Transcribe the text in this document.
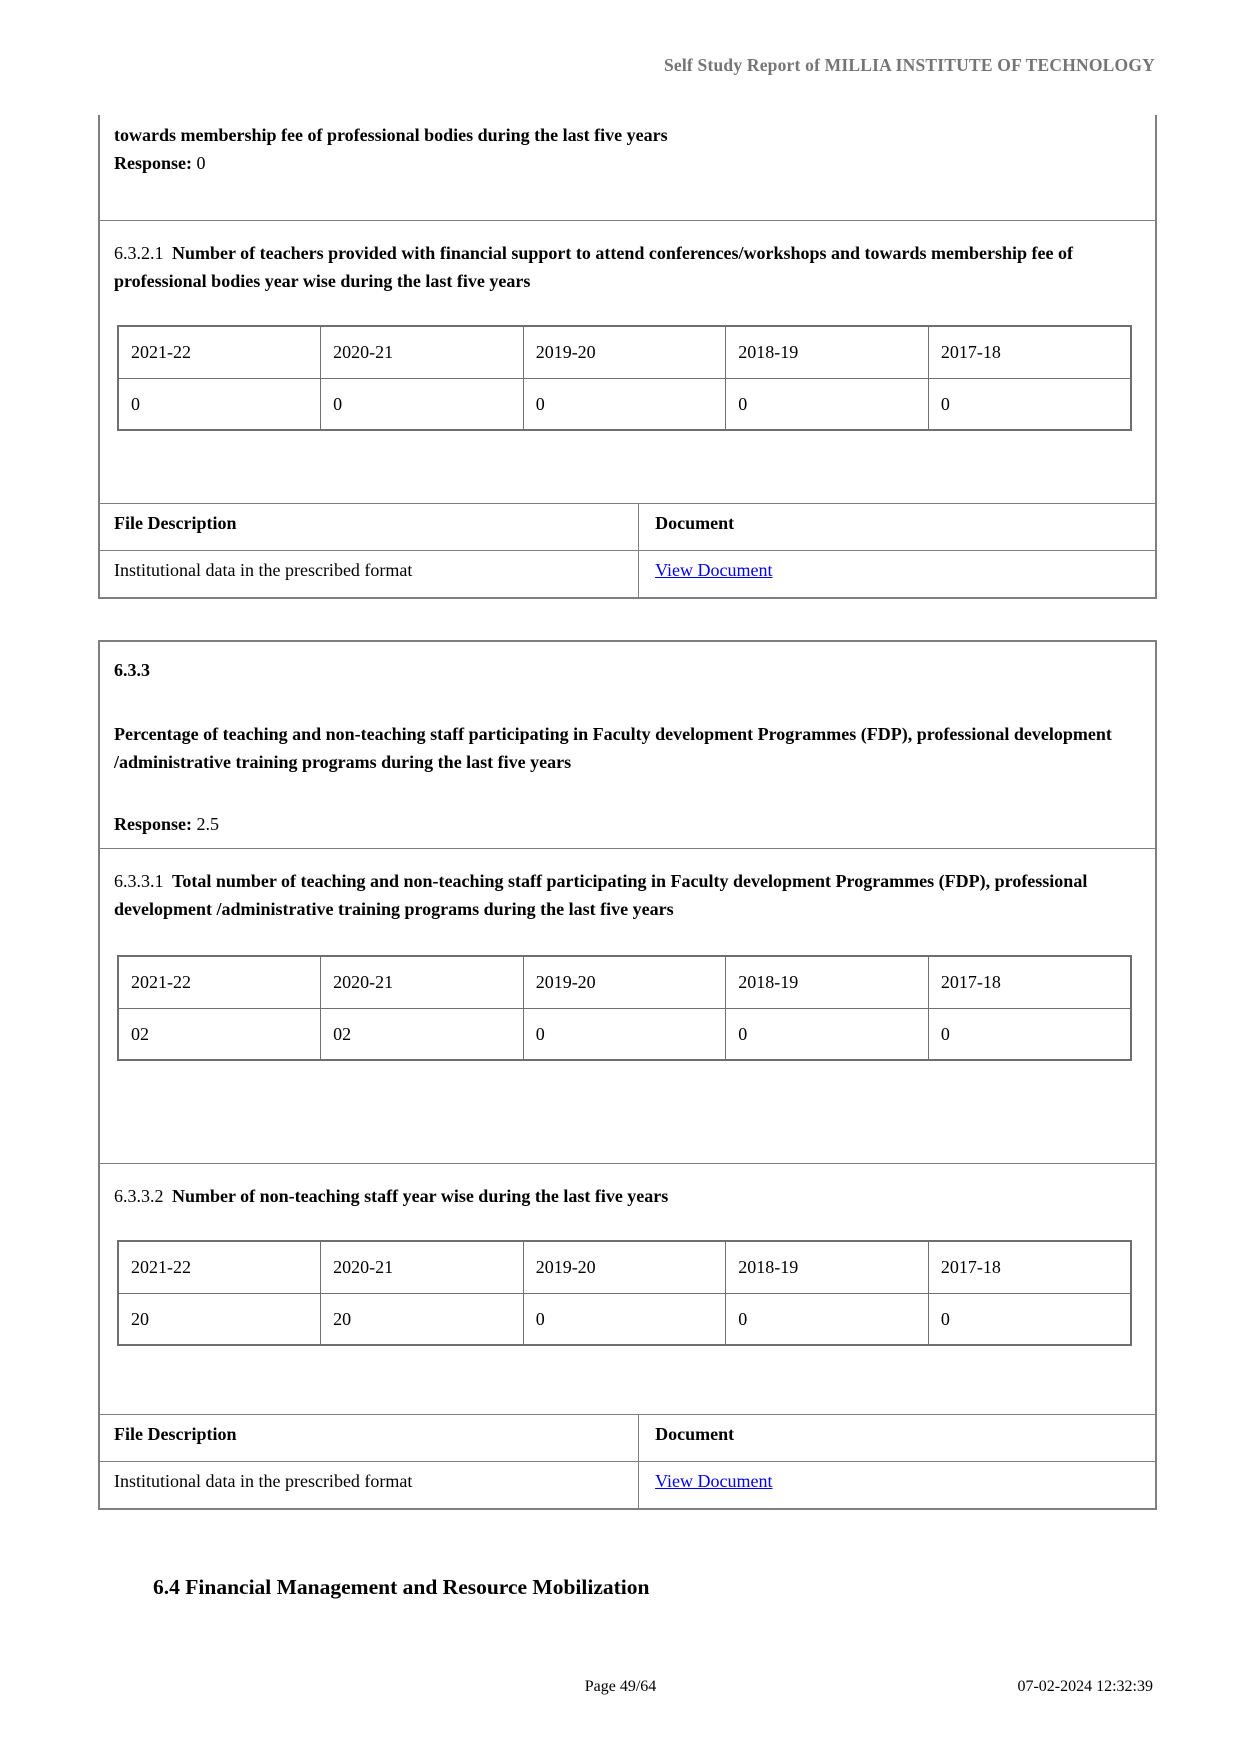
Self Study Report of MILLIA INSTITUTE OF TECHNOLOGY

towards membership fee of professional bodies during the last five years

Response: 0

6.3.2.1 Number of teachers provided with financial support to attend conferences/workshops and towards membership fee of professional bodies year wise during the last five years

2021-22	2020-21	2019-20	2018-19	2017-18
0	0	0	0	0
File Description	Document
Institutional data in the prescribed format	View Document

6.3.3

Percentage of teaching and non-teaching staff participating in Faculty development Programmes (FDP), professional development /administrative training programs during the last five years

Response: 2.5

6.3.3.1 Total number of teaching and non-teaching staff participating in Faculty development Programmes (FDP), professional development /administrative training programs during the last five years

2021-22	2020-21	2019-20	2018-19	2017-18
02	02	0	0	0

6.3.3.2 Number of non-teaching staff year wise during the last five years

2021-22	2020-21	2019-20	2018-19	2017-18
20	20	0	0	0
File Description	Document
Institutional data in the prescribed format	View Document
6.4 Financial Management and Resource Mobilization
Page 49/64	07-02-2024 12:32:39
